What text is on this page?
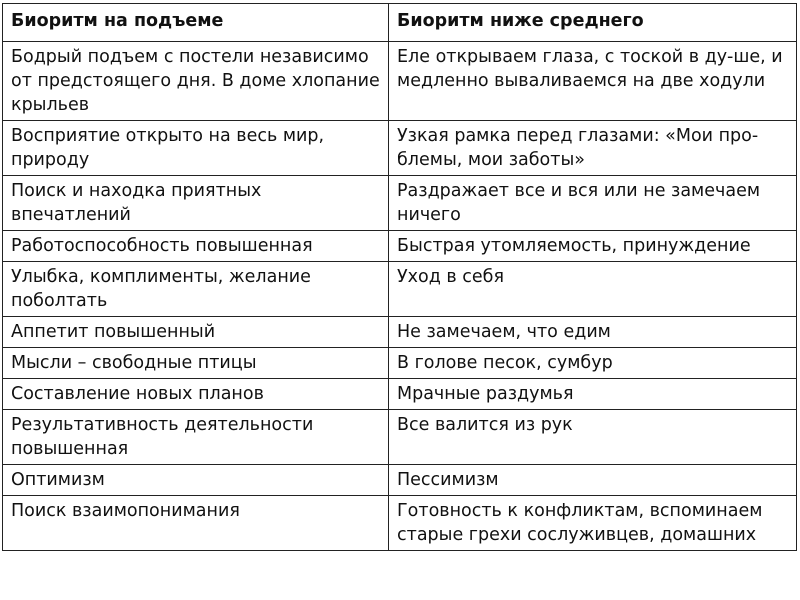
Биоритм на подъеме	Биоритм ниже среднего
Бодрый подъем с постели независимо от предстоящего дня. В доме хлопание крыльев	Еле открываем глаза, с тоской в ду-ше, и медленно вываливаемся на две ходули
Восприятие открыто на весь мир, природу	Узкая рамка перед глазами: «Мои про-блемы, мои заботы»
Поиск и находка приятных впечатлений	Раздражает все и вся или не замечаем ничего
Работоспособность повышенная	Быстрая утомляемость, принуждение
Улыбка, комплименты, желание поболтать	Уход в себя
Аппетит повышенный	Не замечаем, что едим
Мысли – свободные птицы	В голове песок, сумбур
Составление новых планов	Мрачные раздумья
Результативность деятельности повышенная	Все валится из рук
Оптимизм	Пессимизм
Поиск взаимопонимания	Готовность к конфликтам, вспоминаем старые грехи сослуживцев, домашних
